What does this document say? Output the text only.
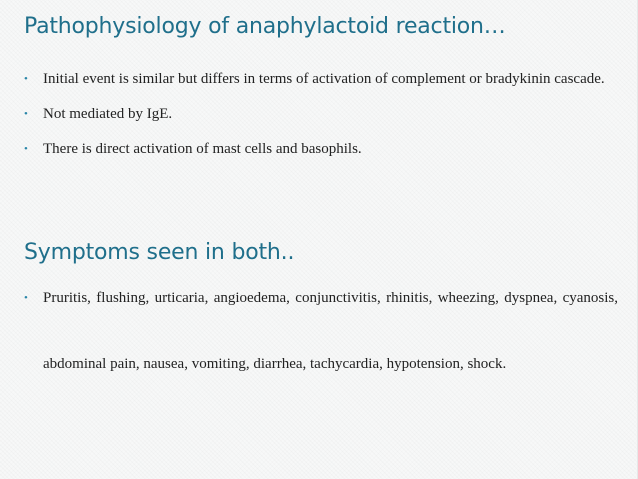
Pathophysiology of anaphylactoid reaction…
• Initial event is similar but differs in terms of activation of complement or bradykinin cascade.
• Not mediated by IgE.
• There is direct activation of mast cells and basophils.
Symptoms seen in both..
• Pruritis, flushing, urticaria, angioedema, conjunctivitis, rhinitis, wheezing, dyspnea, cyanosis, abdominal pain, nausea, vomiting, diarrhea, tachycardia, hypotension, shock.
